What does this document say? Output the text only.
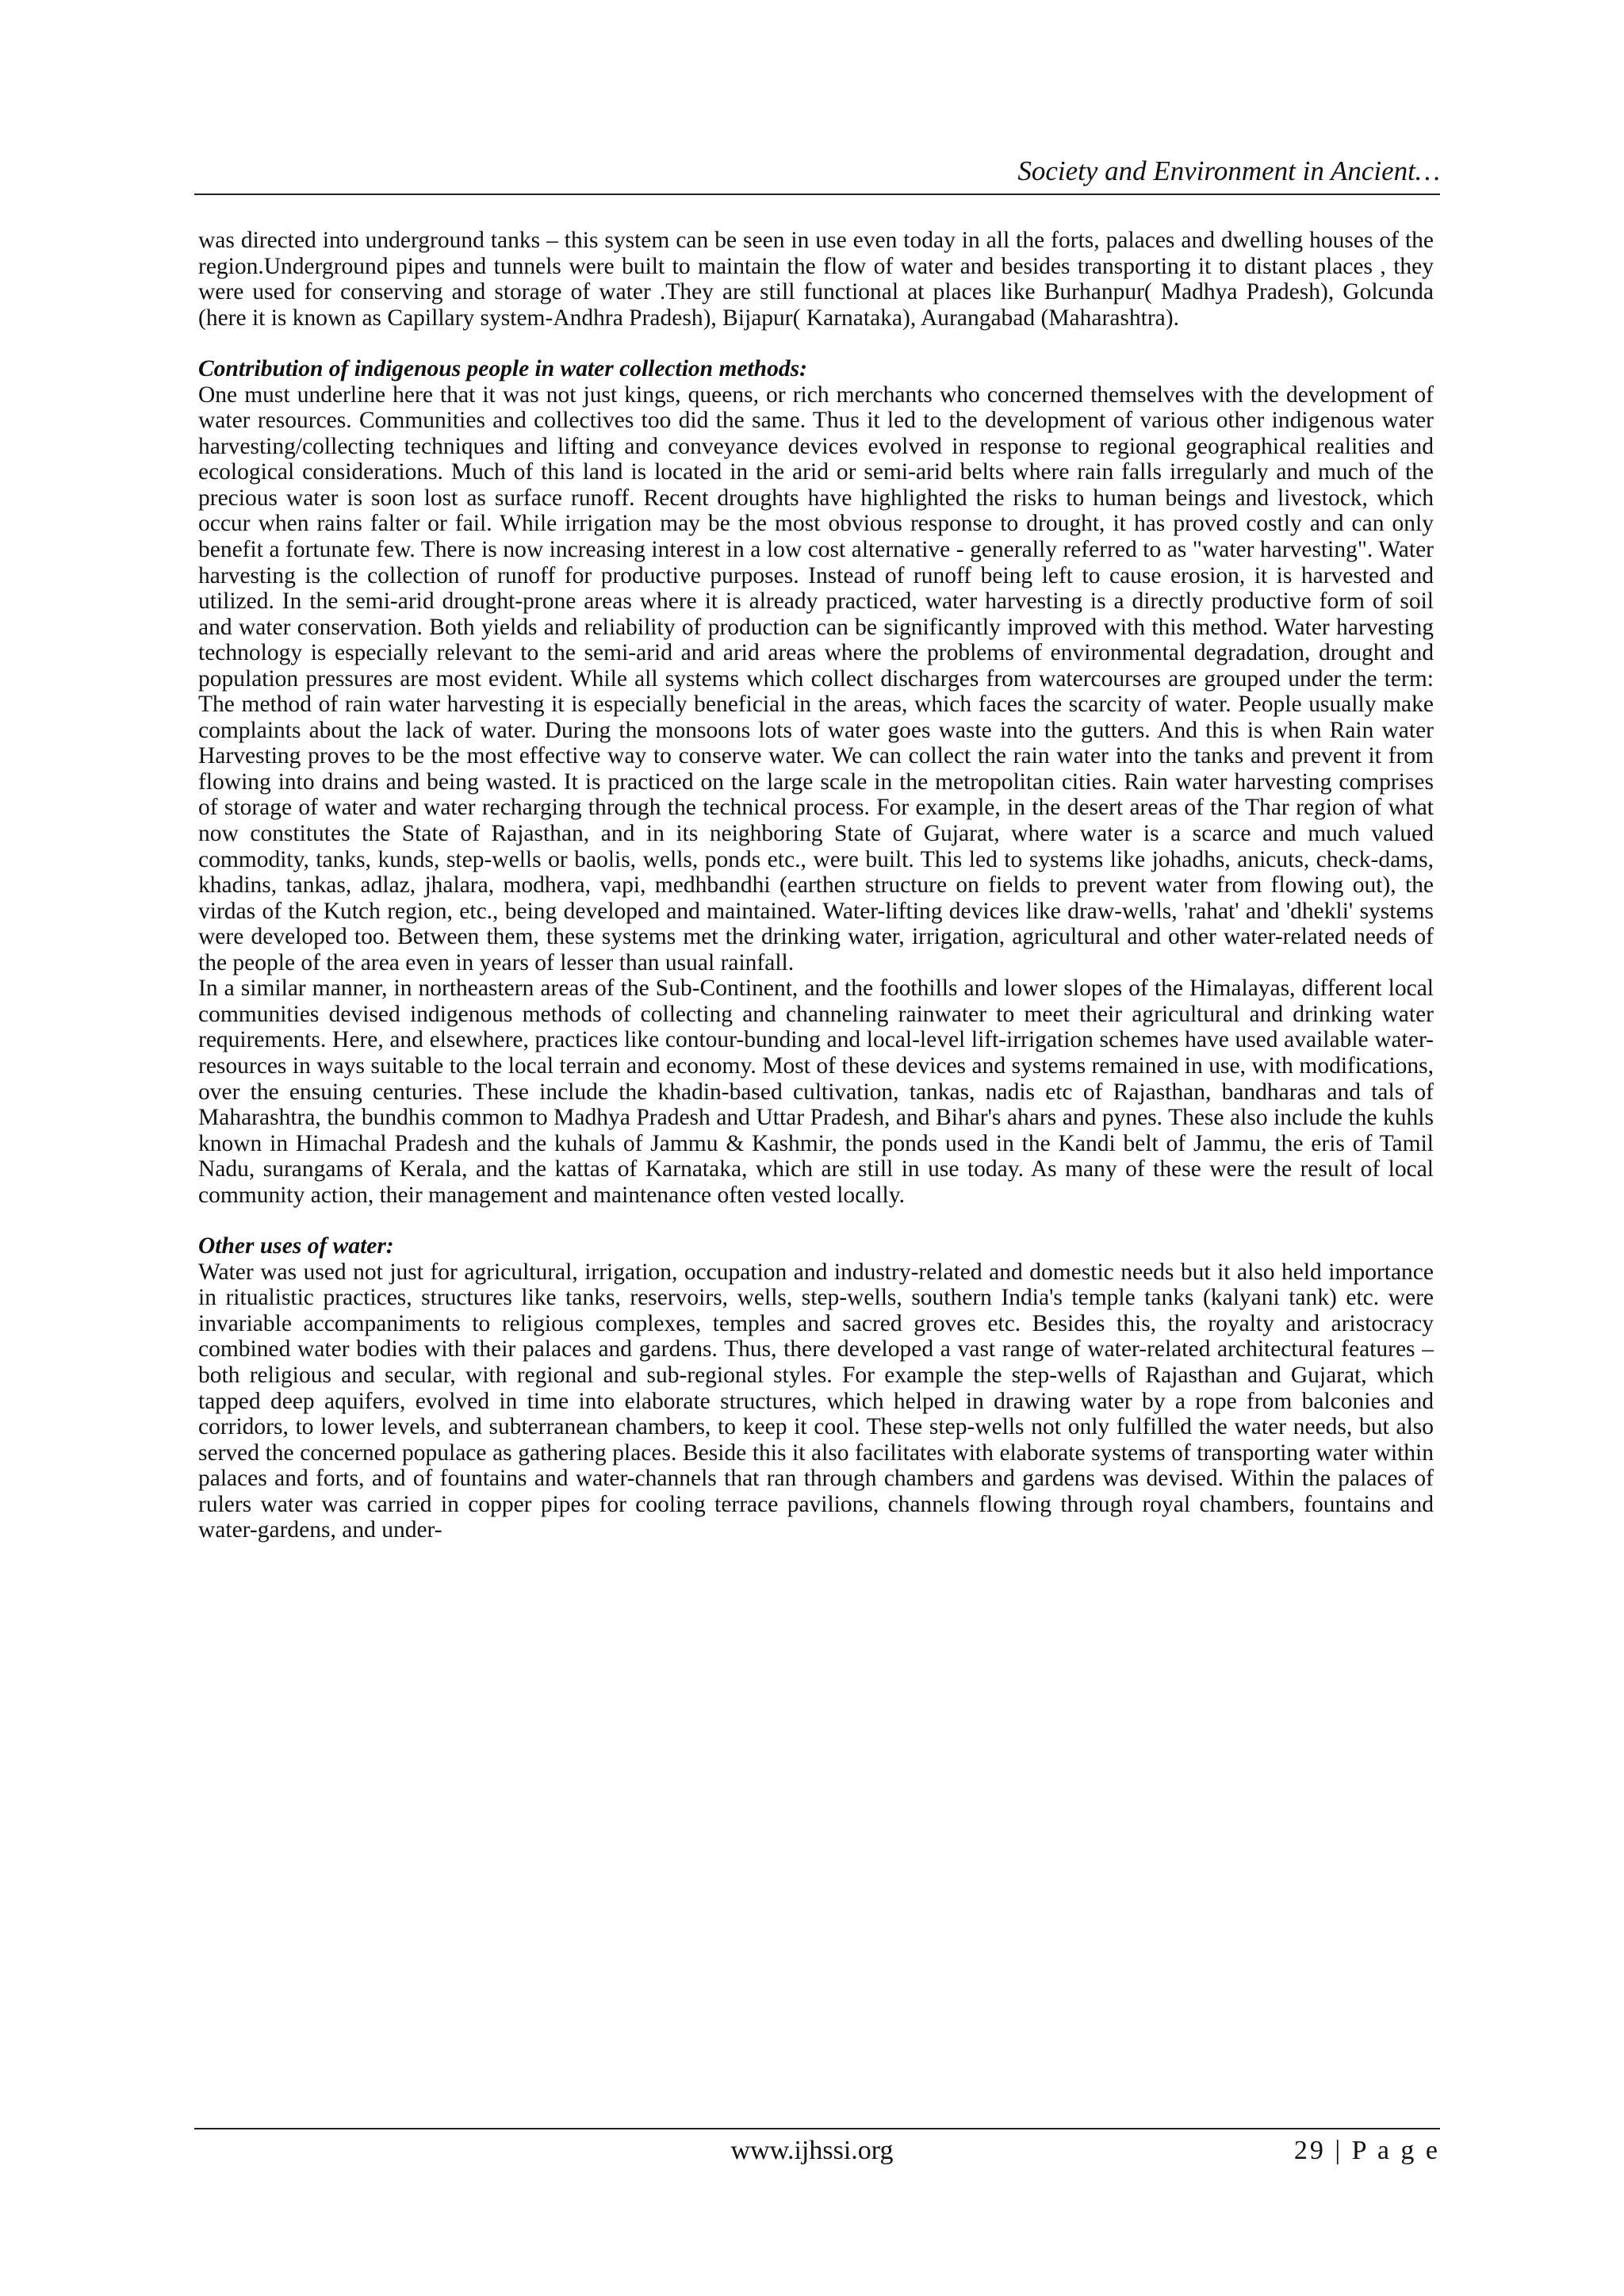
Society and Environment in Ancient…

was directed into underground tanks – this system can be seen in use even today in all the forts, palaces and dwelling houses of the region.Underground pipes and tunnels were built to maintain the flow of water and besides transporting it to distant places , they were used for conserving and storage of water .They are still functional at places like Burhanpur( Madhya Pradesh), Golcunda (here it is known as Capillary system-Andhra Pradesh), Bijapur( Karnataka), Aurangabad (Maharashtra).

Contribution of indigenous people in water collection methods:

One must underline here that it was not just kings, queens, or rich merchants who concerned themselves with the development of water resources. Communities and collectives too did the same. Thus it led to the development of various other indigenous water harvesting/collecting techniques and lifting and conveyance devices evolved in response to regional geographical realities and ecological considerations. Much of this land is located in the arid or semi-arid belts where rain falls irregularly and much of the precious water is soon lost as surface runoff. Recent droughts have highlighted the risks to human beings and livestock, which occur when rains falter or fail. While irrigation may be the most obvious response to drought, it has proved costly and can only benefit a fortunate few. There is now increasing interest in a low cost alternative - generally referred to as "water harvesting". Water harvesting is the collection of runoff for productive purposes. Instead of runoff being left to cause erosion, it is harvested and utilized. In the semi-arid drought-prone areas where it is already practiced, water harvesting is a directly productive form of soil and water conservation. Both yields and reliability of production can be significantly improved with this method. Water harvesting technology is especially relevant to the semi-arid and arid areas where the problems of environmental degradation, drought and population pressures are most evident. While all systems which collect discharges from watercourses are grouped under the term: The method of rain water harvesting it is especially beneficial in the areas, which faces the scarcity of water. People usually make complaints about the lack of water. During the monsoons lots of water goes waste into the gutters. And this is when Rain water Harvesting proves to be the most effective way to conserve water. We can collect the rain water into the tanks and prevent it from flowing into drains and being wasted. It is practiced on the large scale in the metropolitan cities. Rain water harvesting comprises of storage of water and water recharging through the technical process. For example, in the desert areas of the Thar region of what now constitutes the State of Rajasthan, and in its neighboring State of Gujarat, where water is a scarce and much valued commodity, tanks, kunds, step-wells or baolis, wells, ponds etc., were built. This led to systems like johadhs, anicuts, check-dams, khadins, tankas, adlaz, jhalara, modhera, vapi, medhbandhi (earthen structure on fields to prevent water from flowing out), the virdas of the Kutch region, etc., being developed and maintained. Water-lifting devices like draw-wells, 'rahat' and 'dhekli' systems were developed too. Between them, these systems met the drinking water, irrigation, agricultural and other water-related needs of the people of the area even in years of lesser than usual rainfall.

In a similar manner, in northeastern areas of the Sub-Continent, and the foothills and lower slopes of the Himalayas, different local communities devised indigenous methods of collecting and channeling rainwater to meet their agricultural and drinking water requirements. Here, and elsewhere, practices like contour-bunding and local-level lift-irrigation schemes have used available water-resources in ways suitable to the local terrain and economy. Most of these devices and systems remained in use, with modifications, over the ensuing centuries. These include the khadin-based cultivation, tankas, nadis etc of Rajasthan, bandharas and tals of Maharashtra, the bundhis common to Madhya Pradesh and Uttar Pradesh, and Bihar's ahars and pynes. These also include the kuhls known in Himachal Pradesh and the kuhals of Jammu & Kashmir, the ponds used in the Kandi belt of Jammu, the eris of Tamil Nadu, surangams of Kerala, and the kattas of Karnataka, which are still in use today. As many of these were the result of local community action, their management and maintenance often vested locally.

Other uses of water:

Water was used not just for agricultural, irrigation, occupation and industry-related and domestic needs but it also held importance in ritualistic practices, structures like tanks, reservoirs, wells, step-wells, southern India's temple tanks (kalyani tank) etc. were invariable accompaniments to religious complexes, temples and sacred groves etc. Besides this, the royalty and aristocracy combined water bodies with their palaces and gardens. Thus, there developed a vast range of water-related architectural features – both religious and secular, with regional and sub-regional styles. For example the step-wells of Rajasthan and Gujarat, which tapped deep aquifers, evolved in time into elaborate structures, which helped in drawing water by a rope from balconies and corridors, to lower levels, and subterranean chambers, to keep it cool. These step-wells not only fulfilled the water needs, but also served the concerned populace as gathering places. Beside this it also facilitates with elaborate systems of transporting water within palaces and forts, and of fountains and water-channels that ran through chambers and gardens was devised. Within the palaces of rulers water was carried in copper pipes for cooling terrace pavilions, channels flowing through royal chambers, fountains and water-gardens, and under-

www.ijhssi.org	29 | P a g e
